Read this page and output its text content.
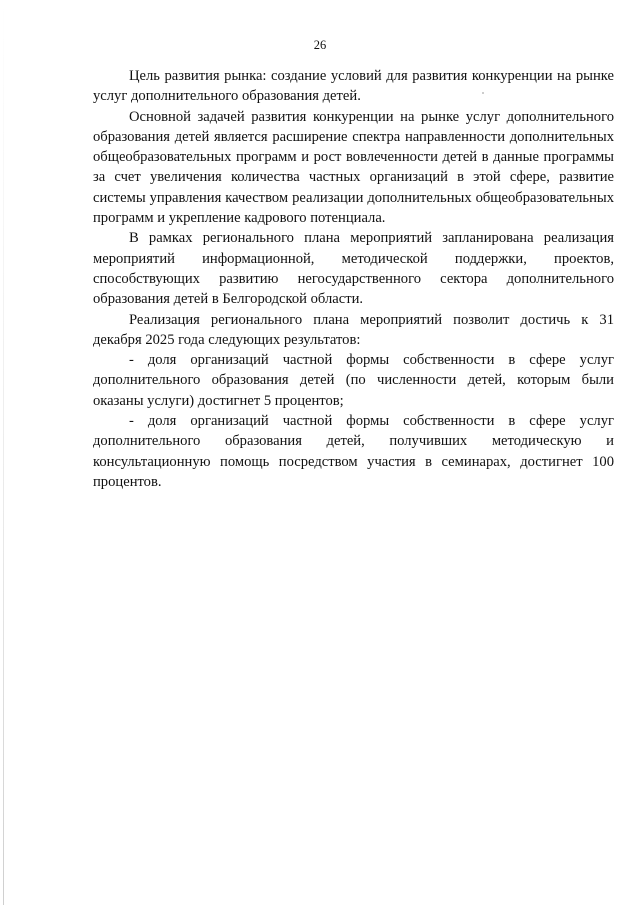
26

Цель развития рынка: создание условий для развития конкуренции на рынке услуг дополнительного образования детей.

Основной задачей развития конкуренции на рынке услуг дополнительного образования детей является расширение спектра направленности дополнительных общеобразовательных программ и рост вовлеченности детей в данные программы за счет увеличения количества частных организаций в этой сфере, развитие системы управления качеством реализации дополнительных общеобразовательных программ и укрепление кадрового потенциала.

В рамках регионального плана мероприятий запланирована реализация мероприятий информационной, методической поддержки, проектов, способствующих развитию негосударственного сектора дополнительного образования детей в Белгородской области.

Реализация регионального плана мероприятий позволит достичь к 31 декабря 2025 года следующих результатов:

- доля организаций частной формы собственности в сфере услуг дополнительного образования детей (по численности детей, которым были оказаны услуги) достигнет 5 процентов;

- доля организаций частной формы собственности в сфере услуг дополнительного образования детей, получивших методическую и консультационную помощь посредством участия в семинарах, достигнет 100 процентов.
